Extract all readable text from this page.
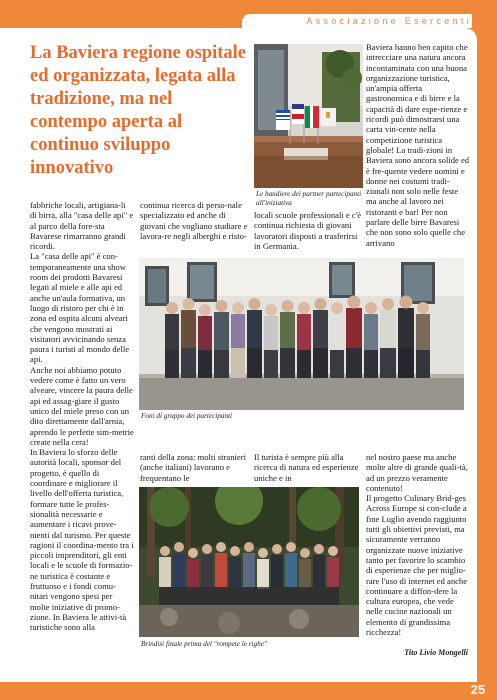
Associazione Esercenti
25
La Baviera regione ospitale ed organizzata, legata alla tradizione, ma nel contempo aperta al continuo sviluppo innovativo
Le bandiere dei partner partecipanti all'iniziativa

fabbriche locali, artigiana-li di birra, alla "casa delle api" e al parco della fore-sta Bavarese rimarranno grandi ricordi.

La "casa delle api" è con-temporaneamente una show room dei prodotti Bavaresi legati al miele e alle api ed anche un'aula formativa, un luogo di ristoro per chi è in zona ed ospita alcuni alveari che vengono mostrati ai visitatori avvicinando senza paura i turisti al mondo delle api.

Anche noi abbiamo potuto vedere come è fatto un vero alveare, vincere la paura delle api ed assag-giare il gusto unico del miele preso con un dito direttamente dall'arnia, aprendo le perfette sim-metrie create nella cera!

In Baviera lo sforzo delle autorità locali, sponsor del progetto, è quello di coordinare e migliorare il livello dell'offerta turistica, formare tutte le profes-sionalità necessarie e aumentare i ricavi prove-nienti dal turismo. Per queste ragioni il coordina-mento tra i piccoli imprenditori, gli enti locali e le scuole di formazio-ne turistica è costante e fruttuoso e i fondi comu-nitari vengono spesi per molte iniziative di promo-zione. In Baviera le attivi-tà turistiche sono alla

continua ricerca di perso-nale specializzato ed anche di giovani che vogliano studiare e lavora-re negli alberghi e risto-

locali scuole professionali e c'è continua richiesta di giovani lavoratori disposti a trasferirsi in Germania.

Baviera hanno ben capito che intrecciare una natura ancora incontaminata con una buona organizzazione turistica, un'ampia offerta gastronomica e di birre e la capacità di dare espe-rienze e ricordi può dimostrarsi una carta vin-cente nella competizione turistica globale! La tradi-zioni in Baviera sono ancora solide ed è fre-quente vedere uomini e donne nei costumi tradi-zionali non solo nelle feste ma anche al lavoro nei ristoranti e bar! Per non parlare delle birre Bavaresi che non sono solo quelle che arrivano

Foto di gruppo dei partecipanti

ranti della zona: molti stranieri (anche italiani) lavorano e frequentano le

Il turista è sempre più alla ricerca di natura ed esperienze uniche e in

nel nostro paese ma anche molte altre di grande quali-tà, ad un prezzo veramente contenuto!

Il progetto Culinary Brid-ges Across Europe si con-clude a fine Luglio avendo raggiunto tutti gli obiettivi previsti, ma sicuramente verranno organizzate nuove iniziative tanto per favorire lo scambio di esperienze che per miglio-rare l'uso di internet ed anche continuare a diffon-dere la cultura europea, che vede nelle cucine nazionali un elemento di grandissima ricchezza!

Brindisi finale prima del "rompete le righe"
Tito Livio Mongelli
